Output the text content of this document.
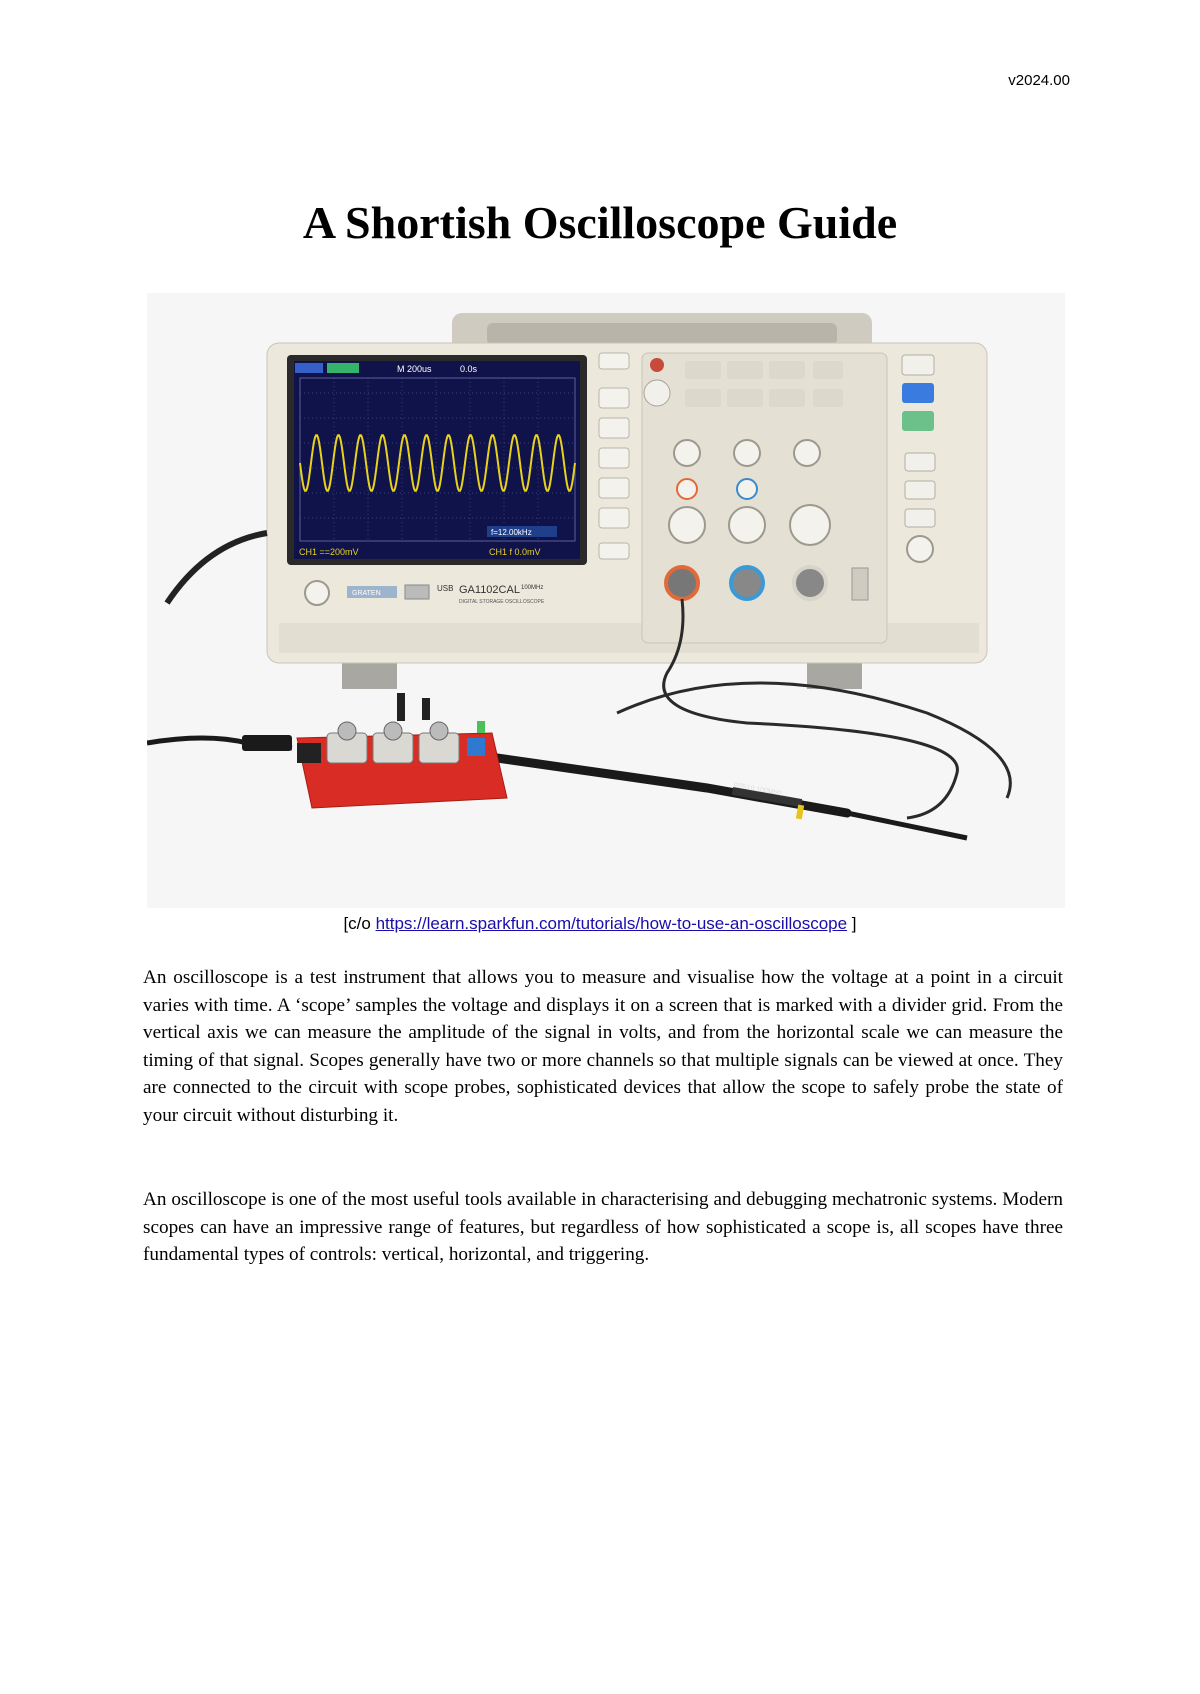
v2024.00
A Shortish Oscilloscope Guide
M 200us	0.0s
f=12.00kHz
CH1 ==200mV	CH1 f 0.0mV
GRATEN
USB GA1102CAL 100MHz
DIGITAL STORAGE OSCILLOSCOPE
PP510 100MHz
[c/o https://learn.sparkfun.com/tutorials/how-to-use-an-oscilloscope ]

An oscilloscope is a test instrument that allows you to measure and visualise how the voltage at a point in a circuit varies with time. A ‘scope’ samples the voltage and displays it on a screen that is marked with a divider grid. From the vertical axis we can measure the amplitude of the signal in volts, and from the horizontal scale we can measure the timing of that signal. Scopes generally have two or more channels so that multiple signals can be viewed at once. They are connected to the circuit with scope probes, sophisticated devices that allow the scope to safely probe the state of your circuit without disturbing it.

An oscilloscope is one of the most useful tools available in characterising and debugging mechatronic systems. Modern scopes can have an impressive range of features, but regardless of how sophisticated a scope is, all scopes have three fundamental types of controls: vertical, horizontal, and triggering.
